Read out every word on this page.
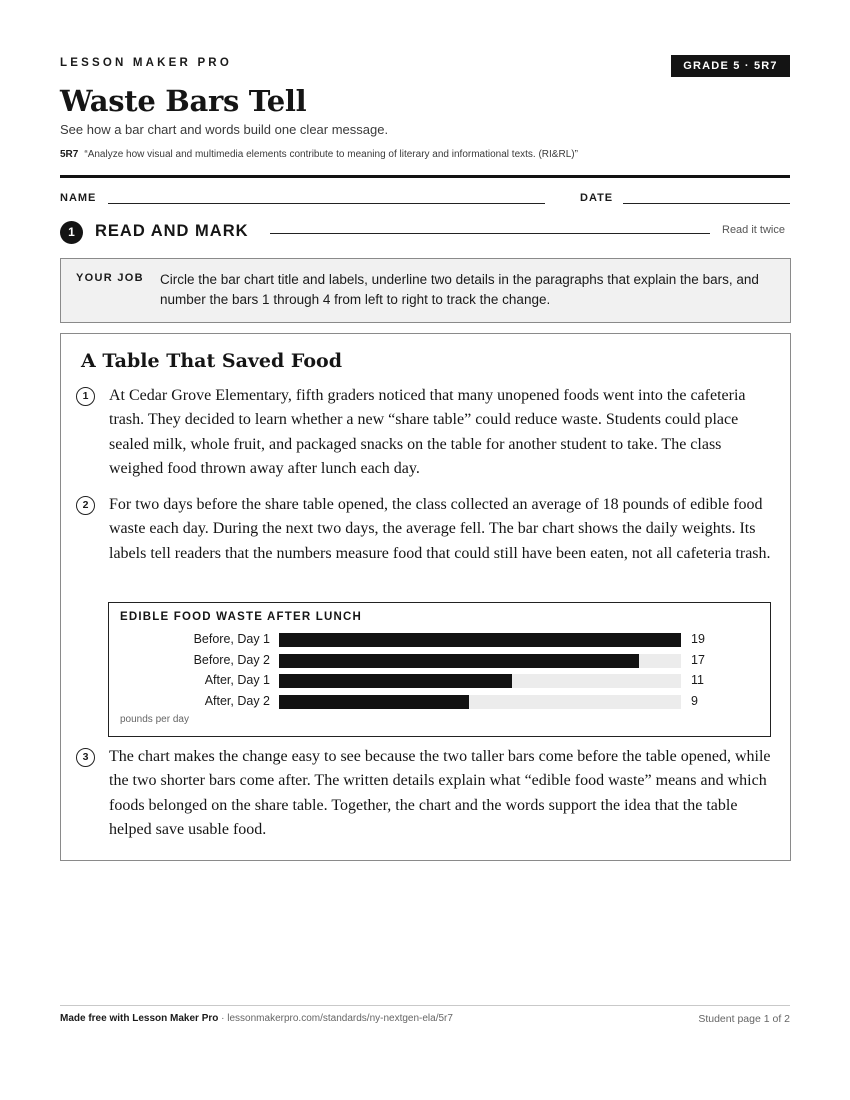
LESSON MAKER PRO	GRADE 5 · 5R7
Waste Bars Tell
See how a bar chart and words build one clear message.
5R7 “Analyze how visual and multimedia elements contribute to meaning of literary and informational texts. (RI&RL)”
NAME	DATE
1	READ AND MARK	Read it twice
YOUR JOB Circle the bar chart title and labels, underline two details in the paragraphs that explain the bars, and number the bars 1 through 4 from left to right to track the change.
A Table That Saved Food
1	At Cedar Grove Elementary, fifth graders noticed that many unopened foods went into the cafeteria trash. They decided to learn whether a new “share table” could reduce waste. Students could place sealed milk, whole fruit, and packaged snacks on the table for another student to take. The class weighed food thrown away after lunch each day.
2	For two days before the share table opened, the class collected an average of 18 pounds of edible food waste each day. During the next two days, the average fell. The bar chart shows the daily weights. Its labels tell readers that the numbers measure food that could still have been eaten, not all cafeteria trash.
EDIBLE FOOD WASTE AFTER LUNCH
Before, Day 1	19
Before, Day 2	17
After, Day 1	11
After, Day 2	9
pounds per day
3	The chart makes the change easy to see because the two taller bars come before the table opened, while the two shorter bars come after. The written details explain what “edible food waste” means and which foods belonged on the share table. Together, the chart and the words support the idea that the table helped save usable food.
Made free with Lesson Maker Pro · lessonmakerpro.com/standards/ny-nextgen-ela/5r7	Student page 1 of 2
